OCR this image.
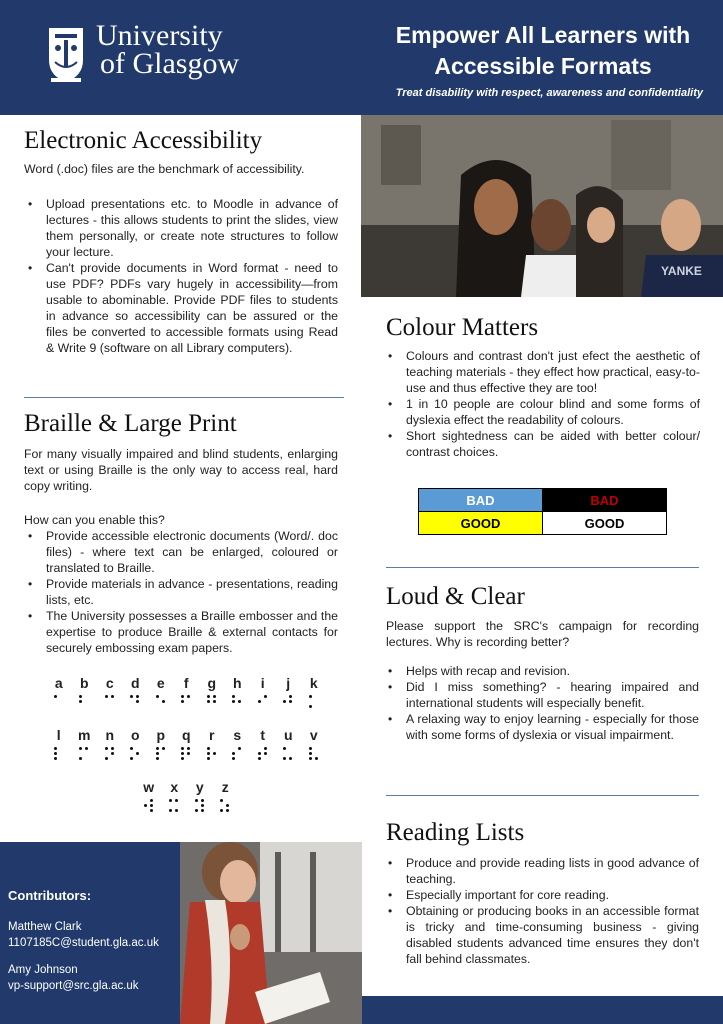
University
of Glasgow
Empower All Learners with Accessible Formats
Treat disability with respect, awareness and confidentiality
Electronic Accessibility

Word (.doc) files are the benchmark of accessibility.

• Upload presentations etc. to Moodle in advance of lectures - this allows students to print the slides, view them personally, or create note structures to follow your lecture.
• Can't provide documents in Word format - need to use PDF? PDFs vary hugely in accessibility—from usable to abominable. Provide PDF files to students in advance so accessibility can be assured or the files be converted to accessible formats using Read & Write 9 (software on all Library computers).
Braille & Large Print

For many visually impaired and blind students, enlarging text or using Braille is the only way to access real, hard copy writing.

How can you enable this?

• Provide accessible electronic documents (Word/. doc files) - where text can be enlarged, coloured or translated to Braille.
• Provide materials in advance - presentations, reading lists, etc.
• The University possesses a Braille embosser and the expertise to produce Braille & external contacts for securely embossing exam papers.
a	b	c	d	e	f	g	h	i	j	k
l	m	n	o	p	q	r	s	t	u	v
w	x	y	z
Contributors:
Matthew Clark
1107185C@student.gla.ac.uk
Amy Johnson
vp-support@src.gla.ac.uk
YANKE
Colour Matters
• Colours and contrast don't just efect the aesthetic of teaching materials - they effect how practical, easy-to-use and thus effective they are too!
• 1 in 10 people are colour blind and some forms of dyslexia effect the readability of colours.
• Short sightedness can be aided with better colour/ contrast choices.
BAD	BAD
GOOD	GOOD
Loud & Clear

Please support the SRC's campaign for recording lectures. Why is recording better?

• Helps with recap and revision.
• Did I miss something? - hearing impaired and international students will especially benefit.
• A relaxing way to enjoy learning - especially for those with some forms of dyslexia or visual impairment.
Reading Lists
• Produce and provide reading lists in good advance of teaching.
• Especially important for core reading.
• Obtaining or producing books in an accessible format is tricky and time-consuming business - giving disabled students advanced time ensures they don't fall behind classmates.
